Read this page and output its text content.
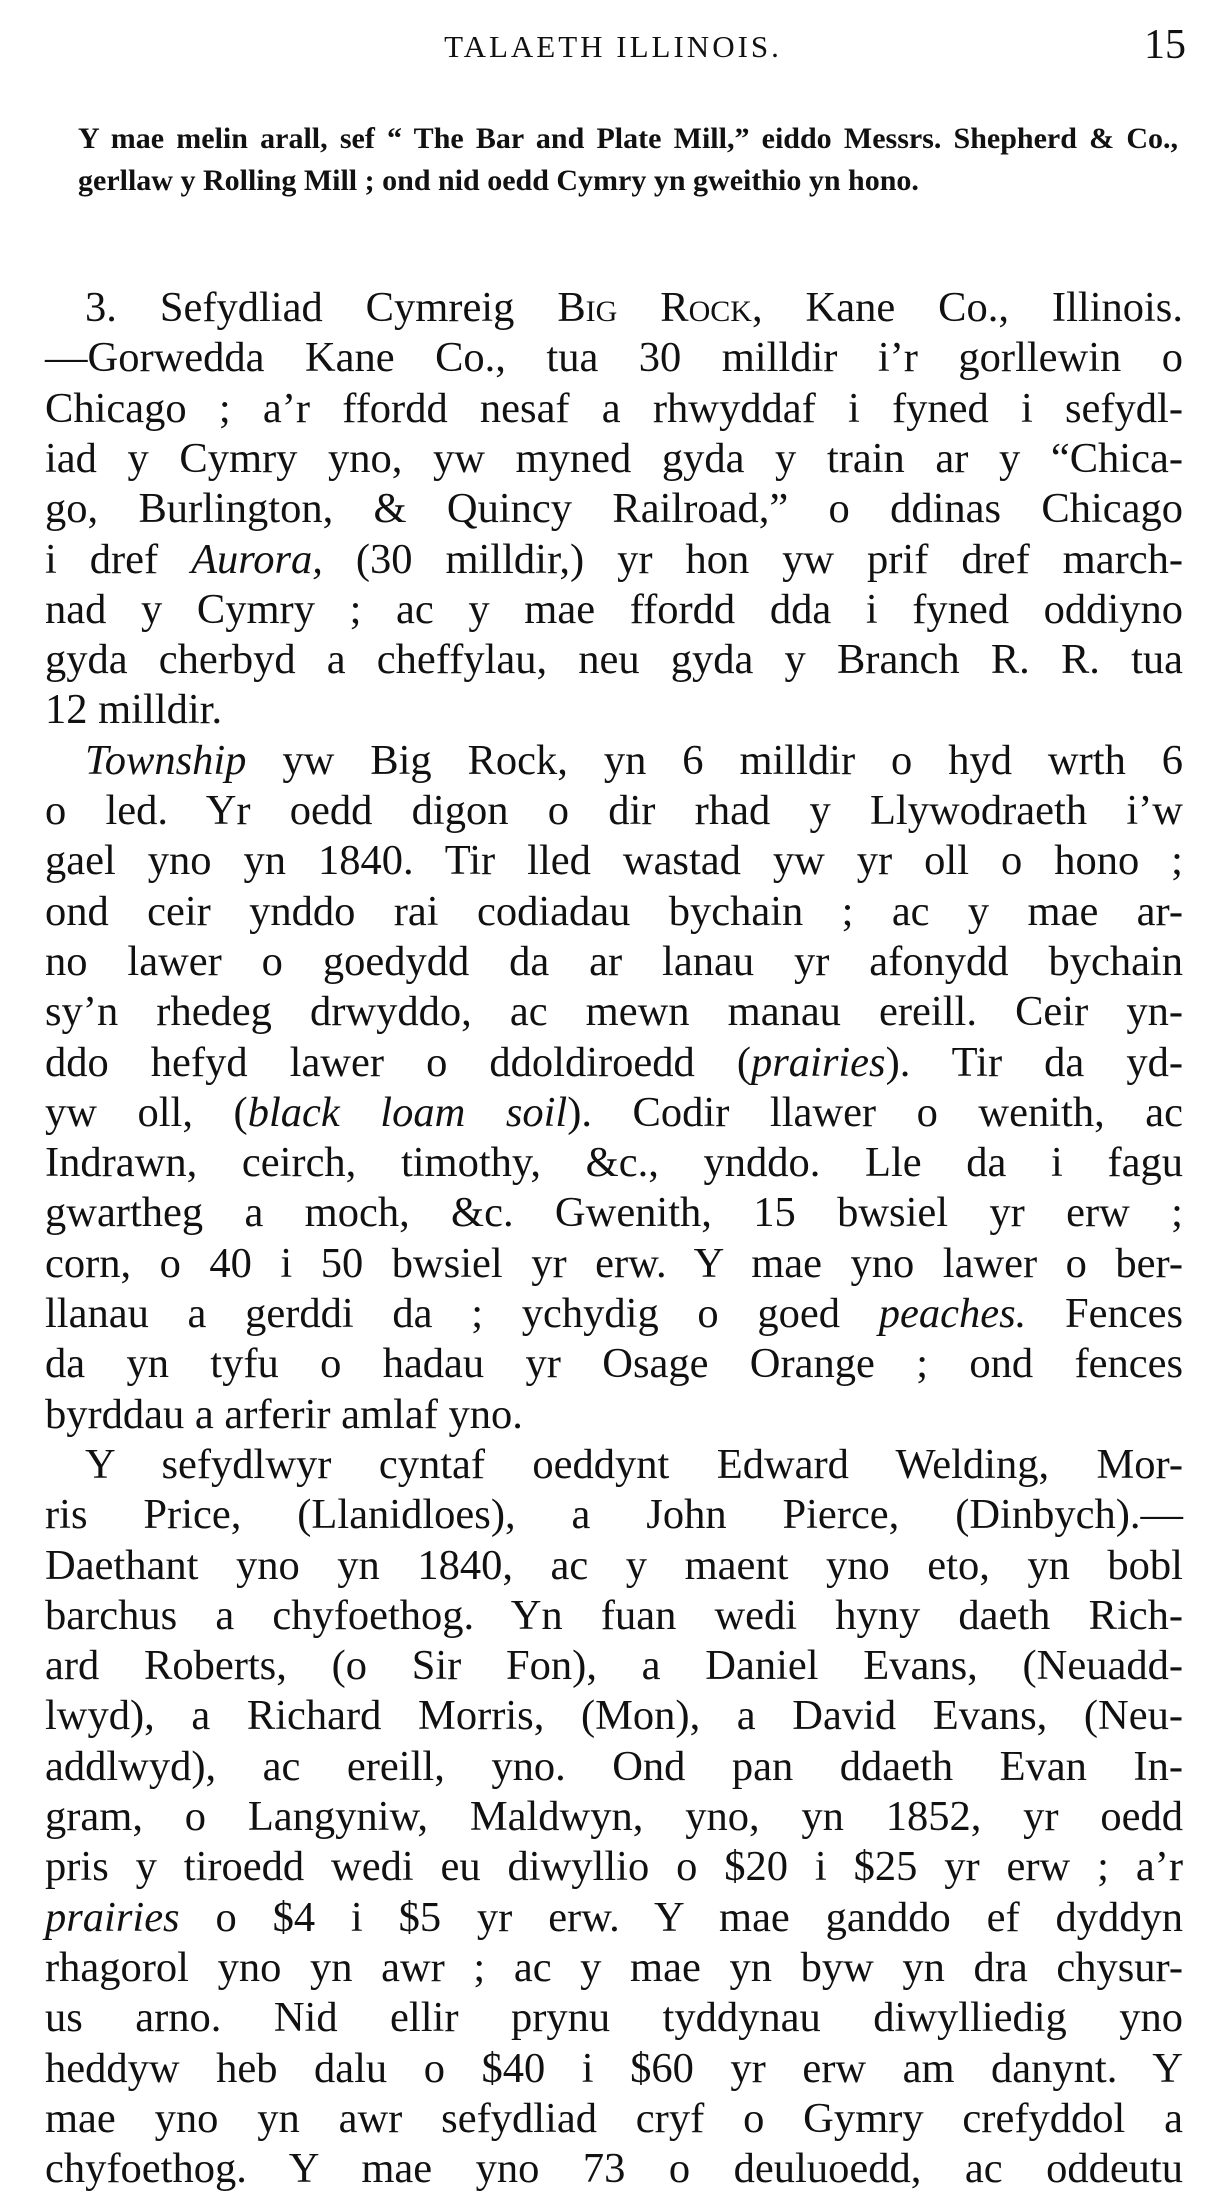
TALAETH ILLINOIS.	15

Y mae melin arall, sef “ The Bar and Plate Mill,” eiddo Messrs. Shepherd & Co., gerllaw y Rolling Mill ; ond nid oedd Cymry yn gweithio yn hono.

3. Sefydliad Cymreig Big Rock, Kane Co., Illinois.
—Gorwedda Kane Co., tua 30 milldir i’r gorllewin o
Chicago ; a’r ffordd nesaf a rhwyddaf i fyned i sefydl-
iad y Cymry yno, yw myned gyda y train ar y “Chica-
go, Burlington, & Quincy Railroad,” o ddinas Chicago
i dref Aurora, (30 milldir,) yr hon yw prif dref march-
nad y Cymry ; ac y mae ffordd dda i fyned oddiyno
gyda cherbyd a cheffylau, neu gyda y Branch R. R. tua
12 milldir.
Township yw Big Rock, yn 6 milldir o hyd wrth 6
o led. Yr oedd digon o dir rhad y Llywodraeth i’w
gael yno yn 1840. Tir lled wastad yw yr oll o hono ;
ond ceir ynddo rai codiadau bychain ; ac y mae ar-
no lawer o goedydd da ar lanau yr afonydd bychain
sy’n rhedeg drwyddo, ac mewn manau ereill. Ceir yn-
ddo hefyd lawer o ddoldiroedd (prairies). Tir da yd-
yw oll, (black loam soil). Codir llawer o wenith, ac
Indrawn, ceirch, timothy, &c., ynddo. Lle da i fagu
gwartheg a moch, &c. Gwenith, 15 bwsiel yr erw ;
corn, o 40 i 50 bwsiel yr erw. Y mae yno lawer o ber-
llanau a gerddi da ; ychydig o goed peaches. Fences
da yn tyfu o hadau yr Osage Orange ; ond fences
byrddau a arferir amlaf yno.
Y sefydlwyr cyntaf oeddynt Edward Welding, Mor-
ris Price, (Llanidloes), a John Pierce, (Dinbych).—
Daethant yno yn 1840, ac y maent yno eto, yn bobl
barchus a chyfoethog. Yn fuan wedi hyny daeth Rich-
ard Roberts, (o Sir Fon), a Daniel Evans, (Neuadd-
lwyd), a Richard Morris, (Mon), a David Evans, (Neu-
addlwyd), ac ereill, yno. Ond pan ddaeth Evan In-
gram, o Langyniw, Maldwyn, yno, yn 1852, yr oedd
pris y tiroedd wedi eu diwyllio o $20 i $25 yr erw ; a’r
prairies o $4 i $5 yr erw. Y mae ganddo ef dyddyn
rhagorol yno yn awr ; ac y mae yn byw yn dra chysur-
us arno. Nid ellir prynu tyddynau diwylliedig yno
heddyw heb dalu o $40 i $60 yr erw am danynt. Y
mae yno yn awr sefydliad cryf o Gymry crefyddol a
chyfoethog. Y mae yno 73 o deuluoedd, ac oddeutu
